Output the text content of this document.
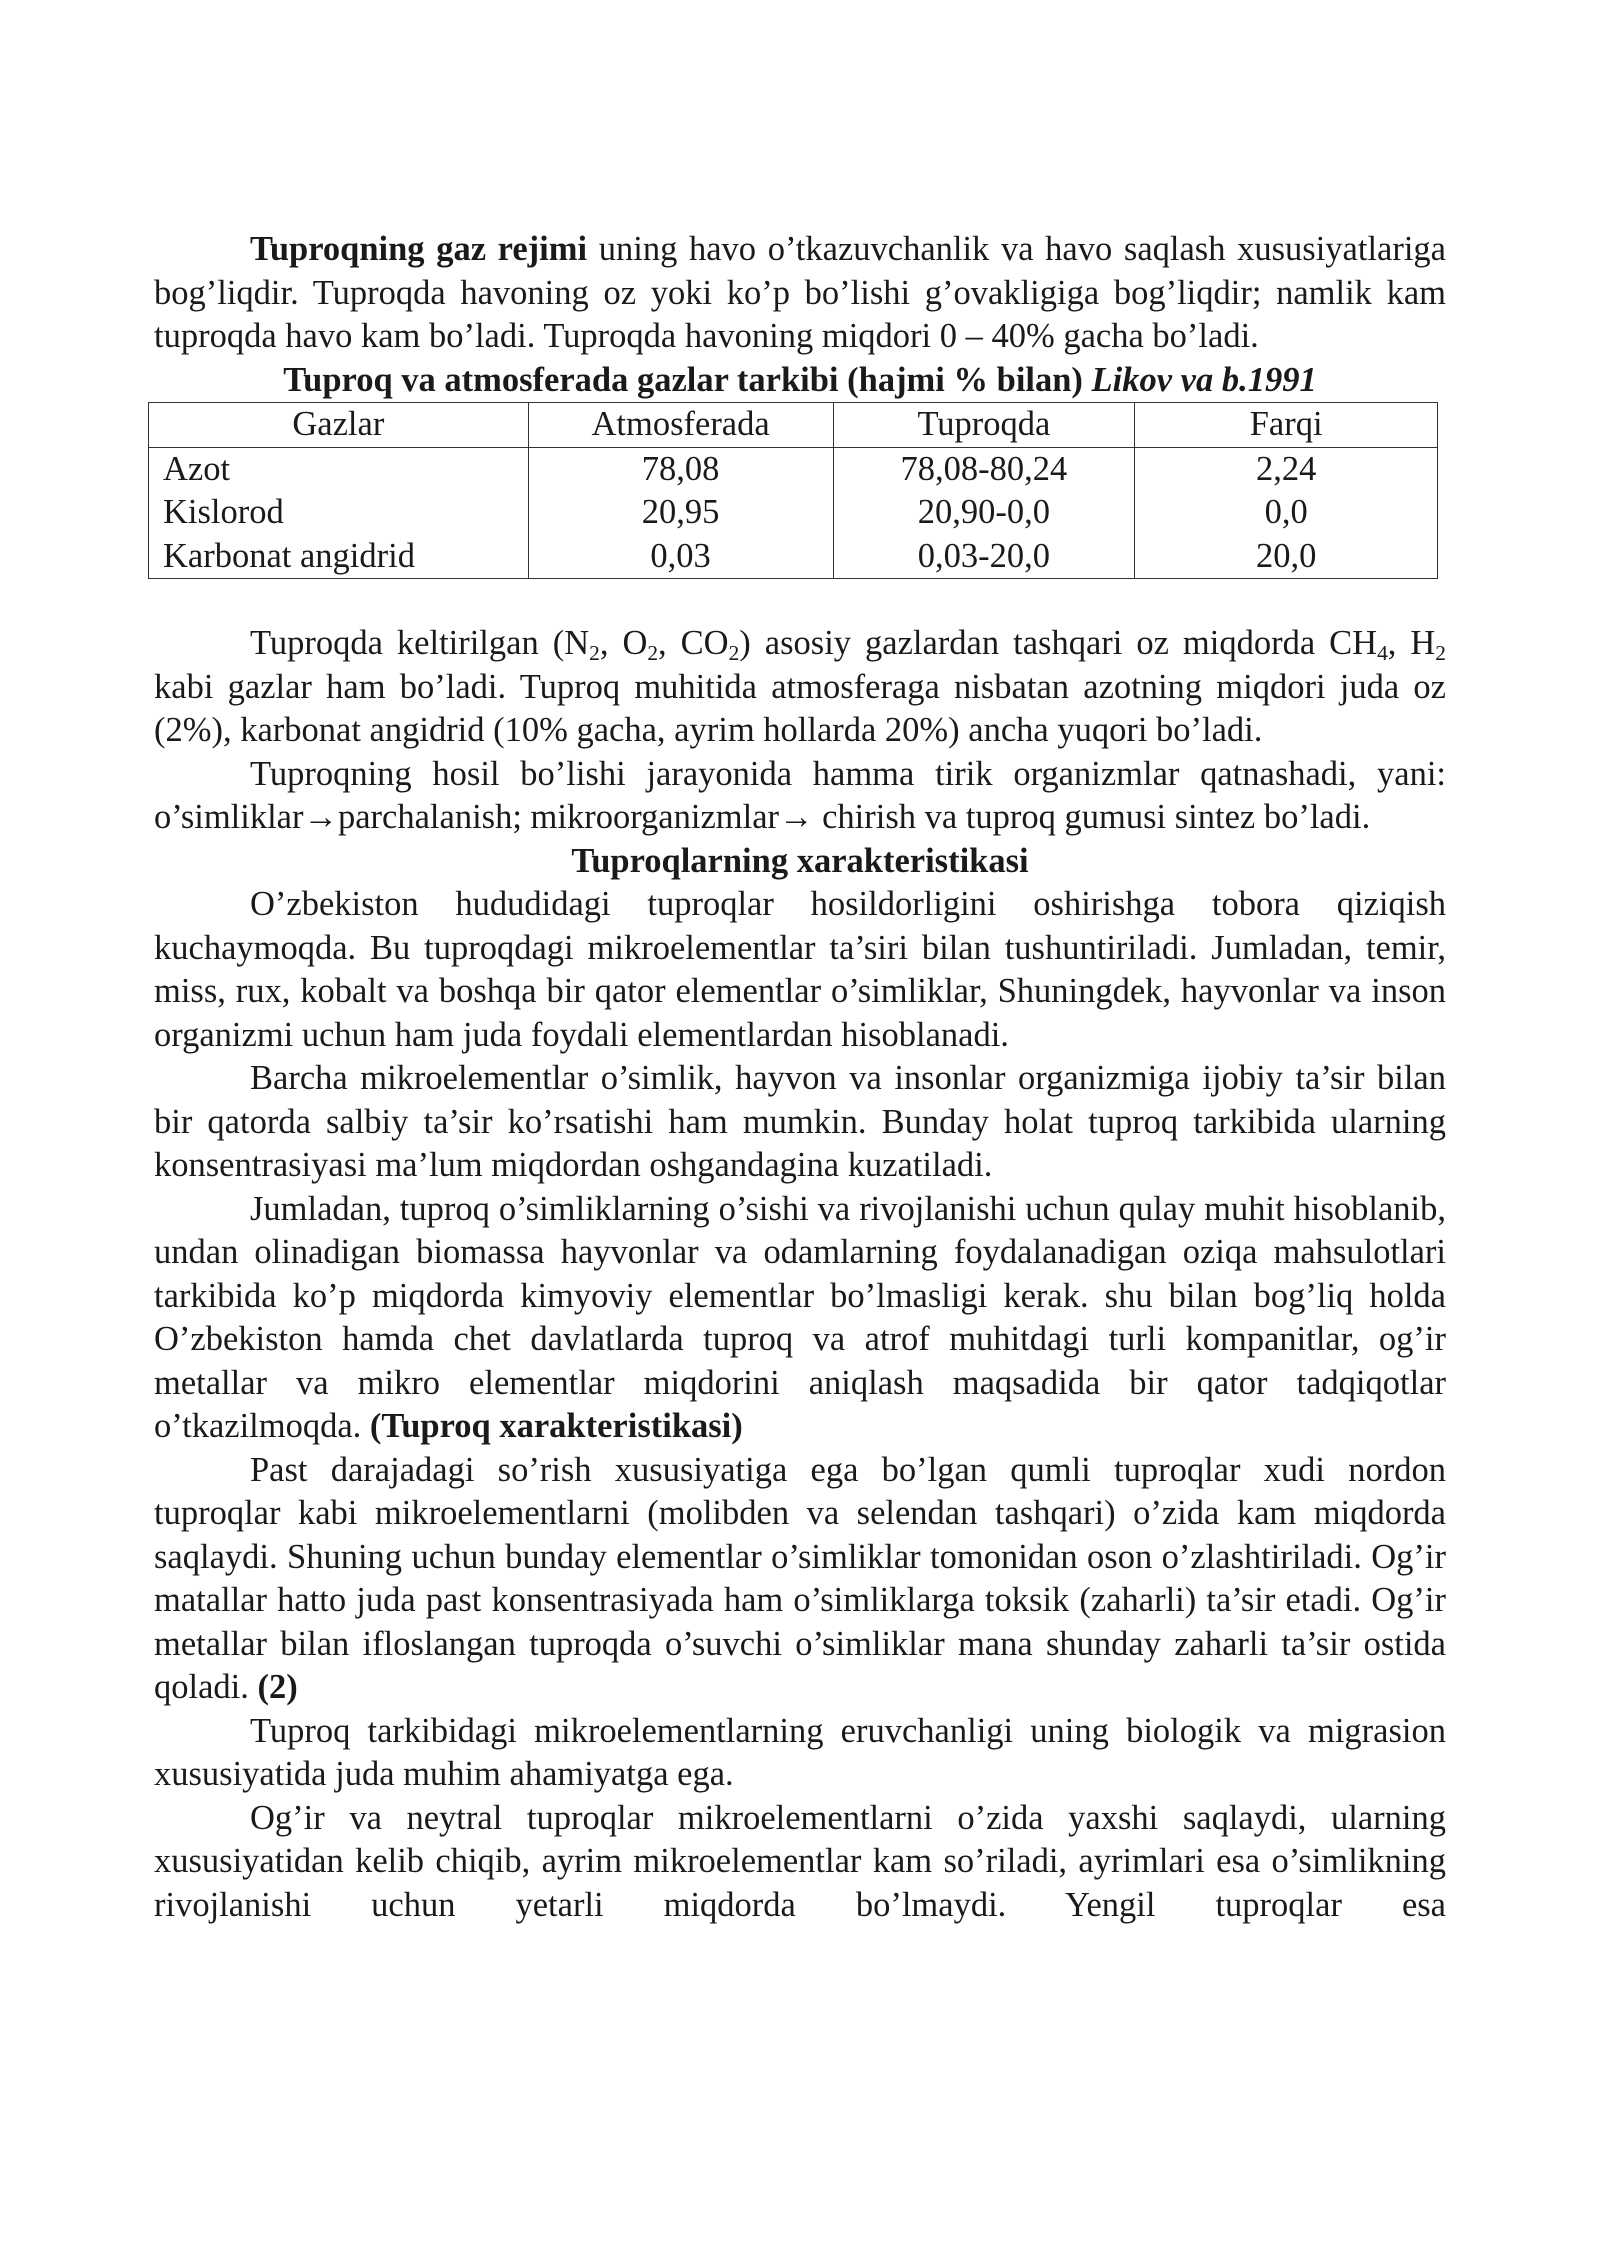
Tuproqning gaz rejimi uning havo o’tkazuvchanlik va havo saqlash xususiyatlariga bog’liqdir. Tuproqda havoning oz yoki ko’p bo’lishi g’ovakligiga bog’liqdir; namlik kam tuproqda havo kam bo’ladi. Tuproqda havoning miqdori 0 – 40% gacha bo’ladi.

Tuproq va atmosferada gazlar tarkibi (hajmi % bilan) Likov va b.1991
Gazlar	Atmosferada	Tuproqda	Farqi
Azot	78,08	78,08-80,24	2,24
Kislorod	20,95	20,90-0,0	0,0
Karbonat angidrid	0,03	0,03-20,0	20,0

Tuproqda keltirilgan ($N_2$, $O_2$, $CO_2$) asosiy gazlardan tashqari oz miqdorda $CH_4$, $H_2$ kabi gazlar ham bo’ladi. Tuproq muhitida atmosferaga nisbatan azotning miqdori juda oz (2%), karbonat angidrid (10% gacha, ayrim hollarda 20%) ancha yuqori bo’ladi.

Tuproqning hosil bo’lishi jarayonida hamma tirik organizmlar qatnashadi, yani: o’simliklar→parchalanish; mikroorganizmlar→ chirish va tuproq gumusi sintez bo’ladi.

Tuproqlarning xarakteristikasi

O’zbekiston hududidagi tuproqlar hosildorligini oshirishga tobora qiziqish kuchaymoqda. Bu tuproqdagi mikroelementlar ta’siri bilan tushuntiriladi. Jumladan, temir, miss, rux, kobalt va boshqa bir qator elementlar o’simliklar, Shuningdek, hayvonlar va inson organizmi uchun ham juda foydali elementlardan hisoblanadi.

Barcha mikroelementlar o’simlik, hayvon va insonlar organizmiga ijobiy ta’sir bilan bir qatorda salbiy ta’sir ko’rsatishi ham mumkin. Bunday holat tuproq tarkibida ularning konsentrasiyasi ma’lum miqdordan oshgandagina kuzatiladi.

Jumladan, tuproq o’simliklarning o’sishi va rivojlanishi uchun qulay muhit hisoblanib, undan olinadigan biomassa hayvonlar va odamlarning foydalanadigan oziqa mahsulotlari tarkibida ko’p miqdorda kimyoviy elementlar bo’lmasligi kerak. shu bilan bog’liq holda O’zbekiston hamda chet davlatlarda tuproq va atrof muhitdagi turli kompanitlar, og’ir metallar va mikro elementlar miqdorini aniqlash maqsadida bir qator tadqiqotlar o’tkazilmoqda. (Tuproq xarakteristikasi)

Past darajadagi so’rish xususiyatiga ega bo’lgan qumli tuproqlar xudi nordon tuproqlar kabi mikroelementlarni (molibden va selendan tashqari) o’zida kam miqdorda saqlaydi. Shuning uchun bunday elementlar o’simliklar tomonidan oson o’zlashtiriladi. Og’ir matallar hatto juda past konsentrasiyada ham o’simliklarga toksik (zaharli) ta’sir etadi. Og’ir metallar bilan ifloslangan tuproqda o’suvchi o’simliklar mana shunday zaharli ta’sir ostida qoladi. (2)

Tuproq tarkibidagi mikroelementlarning eruvchanligi uning biologik va migrasion xususiyatida juda muhim ahamiyatga ega.

Og’ir va neytral tuproqlar mikroelementlarni o’zida yaxshi saqlaydi, ularning xususiyatidan kelib chiqib, ayrim mikroelementlar kam so’riladi, ayrimlari esa o’simlikning rivojlanishi uchun yetarli miqdorda bo’lmaydi. Yengil tuproqlar esa
